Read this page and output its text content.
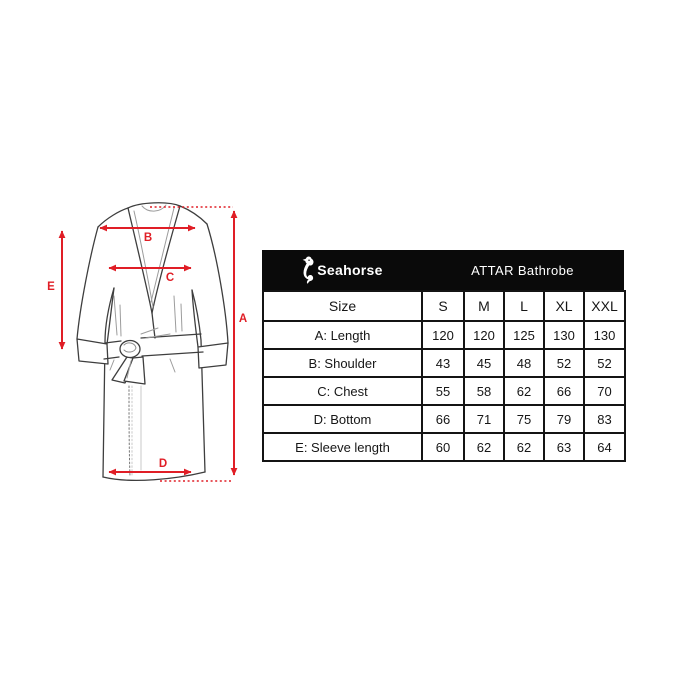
B
C
E
A
D
Seahorse	ATTAR Bathrobe
Size	S	M	L	XL	XXL
A: Length	120	120	125	130	130
B: Shoulder	43	45	48	52	52
C: Chest	55	58	62	66	70
D: Bottom	66	71	75	79	83
E: Sleeve length	60	62	62	63	64
